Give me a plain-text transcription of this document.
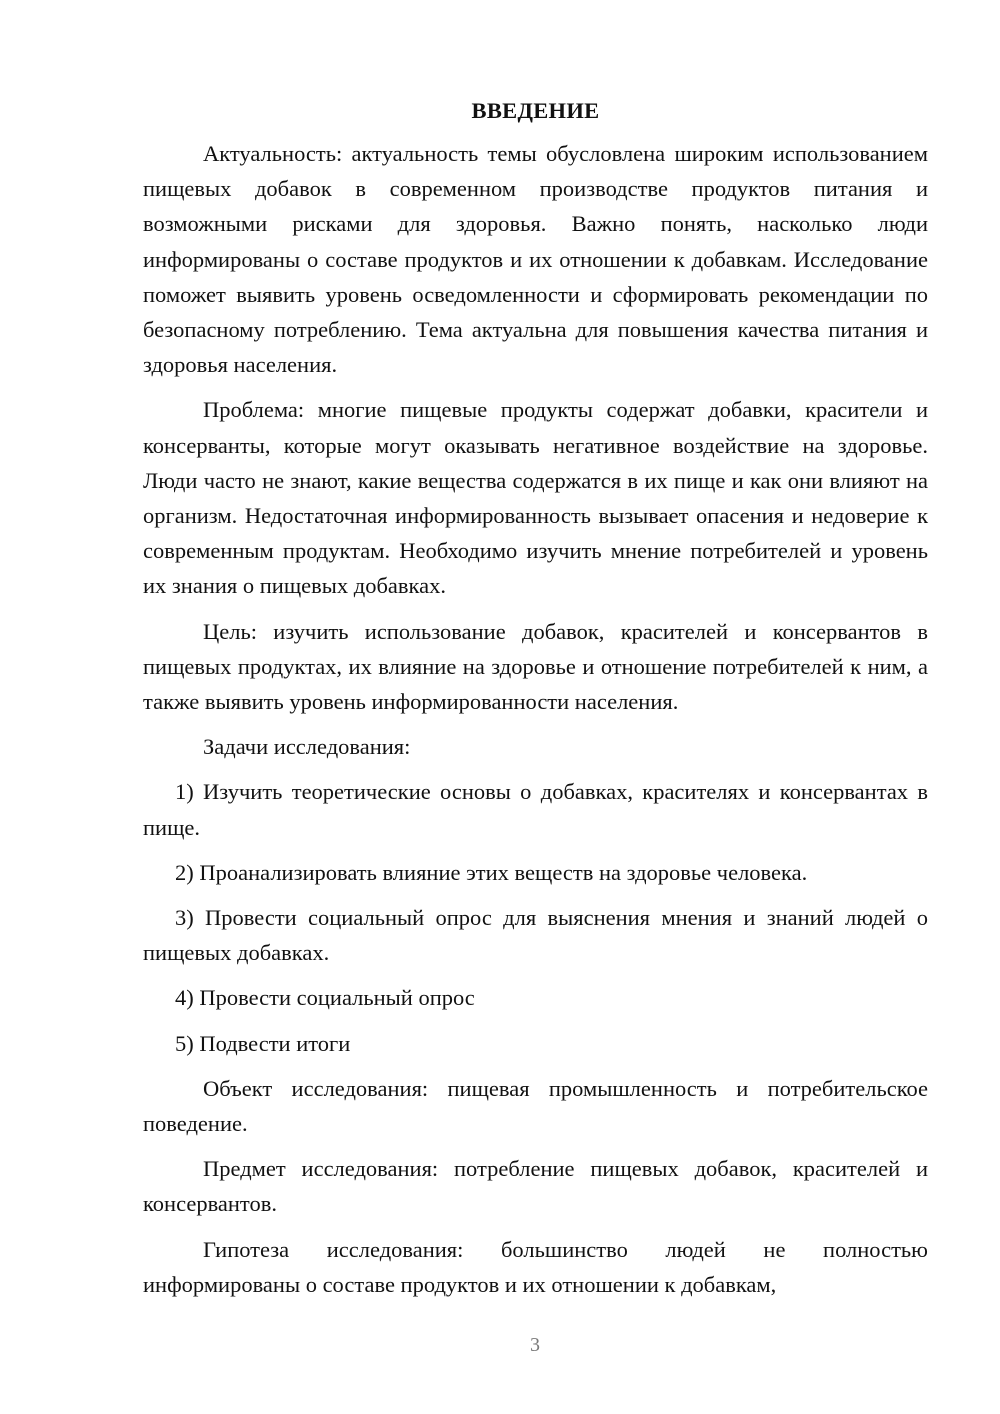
ВВЕДЕНИЕ

Актуальность: актуальность темы обусловлена широким использованием пищевых добавок в современном производстве продуктов питания и возможными рисками для здоровья. Важно понять, насколько люди информированы о составе продуктов и их отношении к добавкам. Исследование поможет выявить уровень осведомленности и сформировать рекомендации по безопасному потреблению. Тема актуальна для повышения качества питания и здоровья населения.

Проблема: многие пищевые продукты содержат добавки, красители и консерванты, которые могут оказывать негативное воздействие на здоровье. Люди часто не знают, какие вещества содержатся в их пище и как они влияют на организм. Недостаточная информированность вызывает опасения и недоверие к современным продуктам. Необходимо изучить мнение потребителей и уровень их знания о пищевых добавках.

Цель: изучить использование добавок, красителей и консервантов в пищевых продуктах, их влияние на здоровье и отношение потребителей к ним, а также выявить уровень информированности населения.

Задачи исследования:

1) Изучить теоретические основы о добавках, красителях и консервантах в пище.

2) Проанализировать влияние этих веществ на здоровье человека.

3) Провести социальный опрос для выяснения мнения и знаний людей о пищевых добавках.

4) Провести социальный опрос

5) Подвести итоги

Объект исследования: пищевая промышленность и потребительское поведение.

Предмет исследования: потребление пищевых добавок, красителей и консервантов.

Гипотеза исследования: большинство людей не полностью информированы о составе продуктов и их отношении к добавкам,

3
